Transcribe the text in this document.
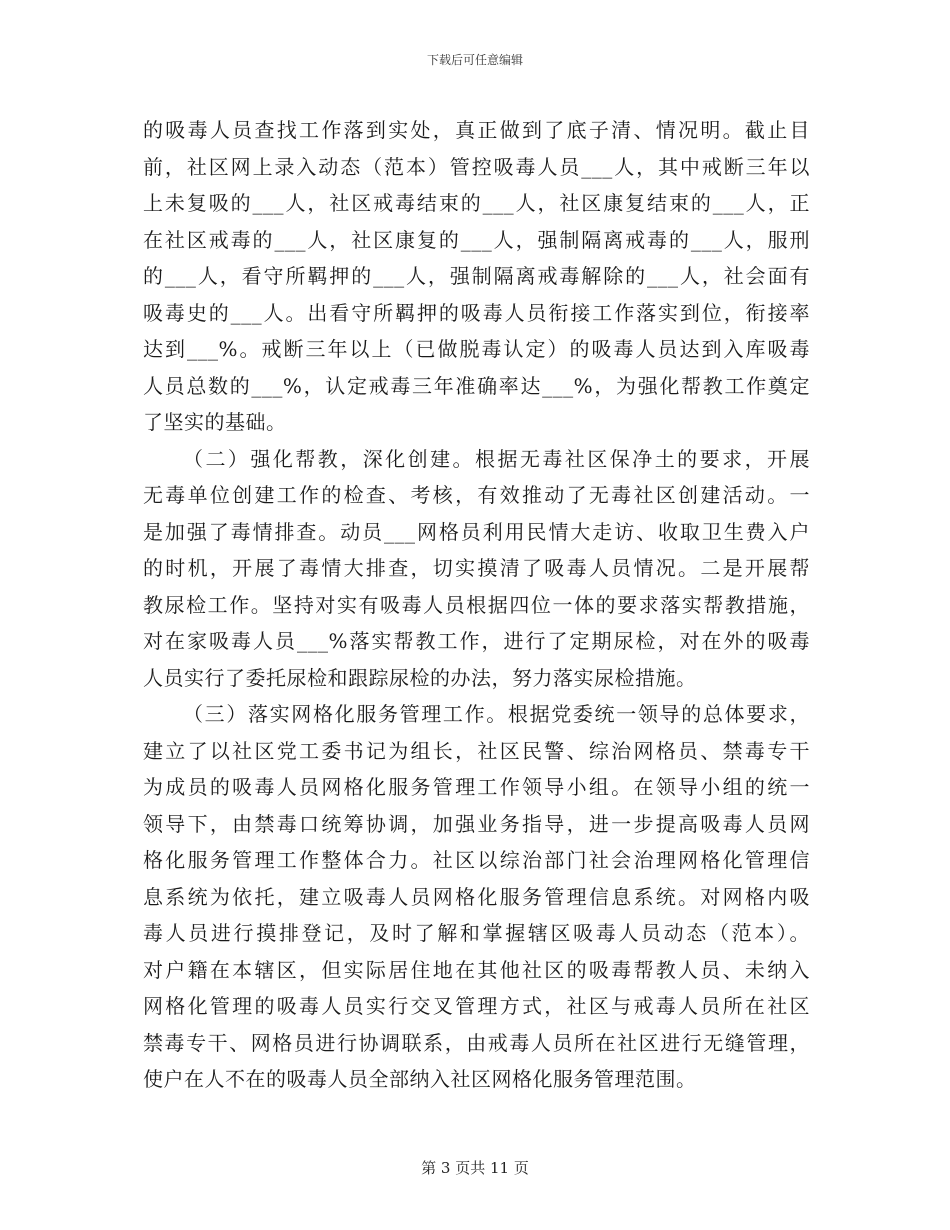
下载后可任意编辑
的吸毒人员查找工作落到实处，真正做到了底子清、情况明。截止目
前，社区网上录入动态（范本）管控吸毒人员___人，其中戒断三年以
上未复吸的___人，社区戒毒结束的___人，社区康复结束的___人，正
在社区戒毒的___人，社区康复的___人，强制隔离戒毒的___人，服刑
的___人，看守所羁押的___人，强制隔离戒毒解除的___人，社会面有
吸毒史的___人。出看守所羁押的吸毒人员衔接工作落实到位，衔接率
达到___%。戒断三年以上（已做脱毒认定）的吸毒人员达到入库吸毒
人员总数的___%，认定戒毒三年准确率达___%，为强化帮教工作奠定
了坚实的基础。
（二）强化帮教，深化创建。根据无毒社区保净土的要求，开展
无毒单位创建工作的检查、考核，有效推动了无毒社区创建活动。一
是加强了毒情排查。动员___网格员利用民情大走访、收取卫生费入户
的时机，开展了毒情大排查，切实摸清了吸毒人员情况。二是开展帮
教尿检工作。坚持对实有吸毒人员根据四位一体的要求落实帮教措施，
对在家吸毒人员___%落实帮教工作，进行了定期尿检，对在外的吸毒
人员实行了委托尿检和跟踪尿检的办法，努力落实尿检措施。
（三）落实网格化服务管理工作。根据党委统一领导的总体要求，
建立了以社区党工委书记为组长，社区民警、综治网格员、禁毒专干
为成员的吸毒人员网格化服务管理工作领导小组。在领导小组的统一
领导下，由禁毒口统筹协调，加强业务指导，进一步提高吸毒人员网
格化服务管理工作整体合力。社区以综治部门社会治理网格化管理信
息系统为依托，建立吸毒人员网格化服务管理信息系统。对网格内吸
毒人员进行摸排登记，及时了解和掌握辖区吸毒人员动态（范本）。
对户籍在本辖区，但实际居住地在其他社区的吸毒帮教人员、未纳入
网格化管理的吸毒人员实行交叉管理方式，社区与戒毒人员所在社区
禁毒专干、网格员进行协调联系，由戒毒人员所在社区进行无缝管理，
使户在人不在的吸毒人员全部纳入社区网格化服务管理范围。
第 3 页共 11 页
